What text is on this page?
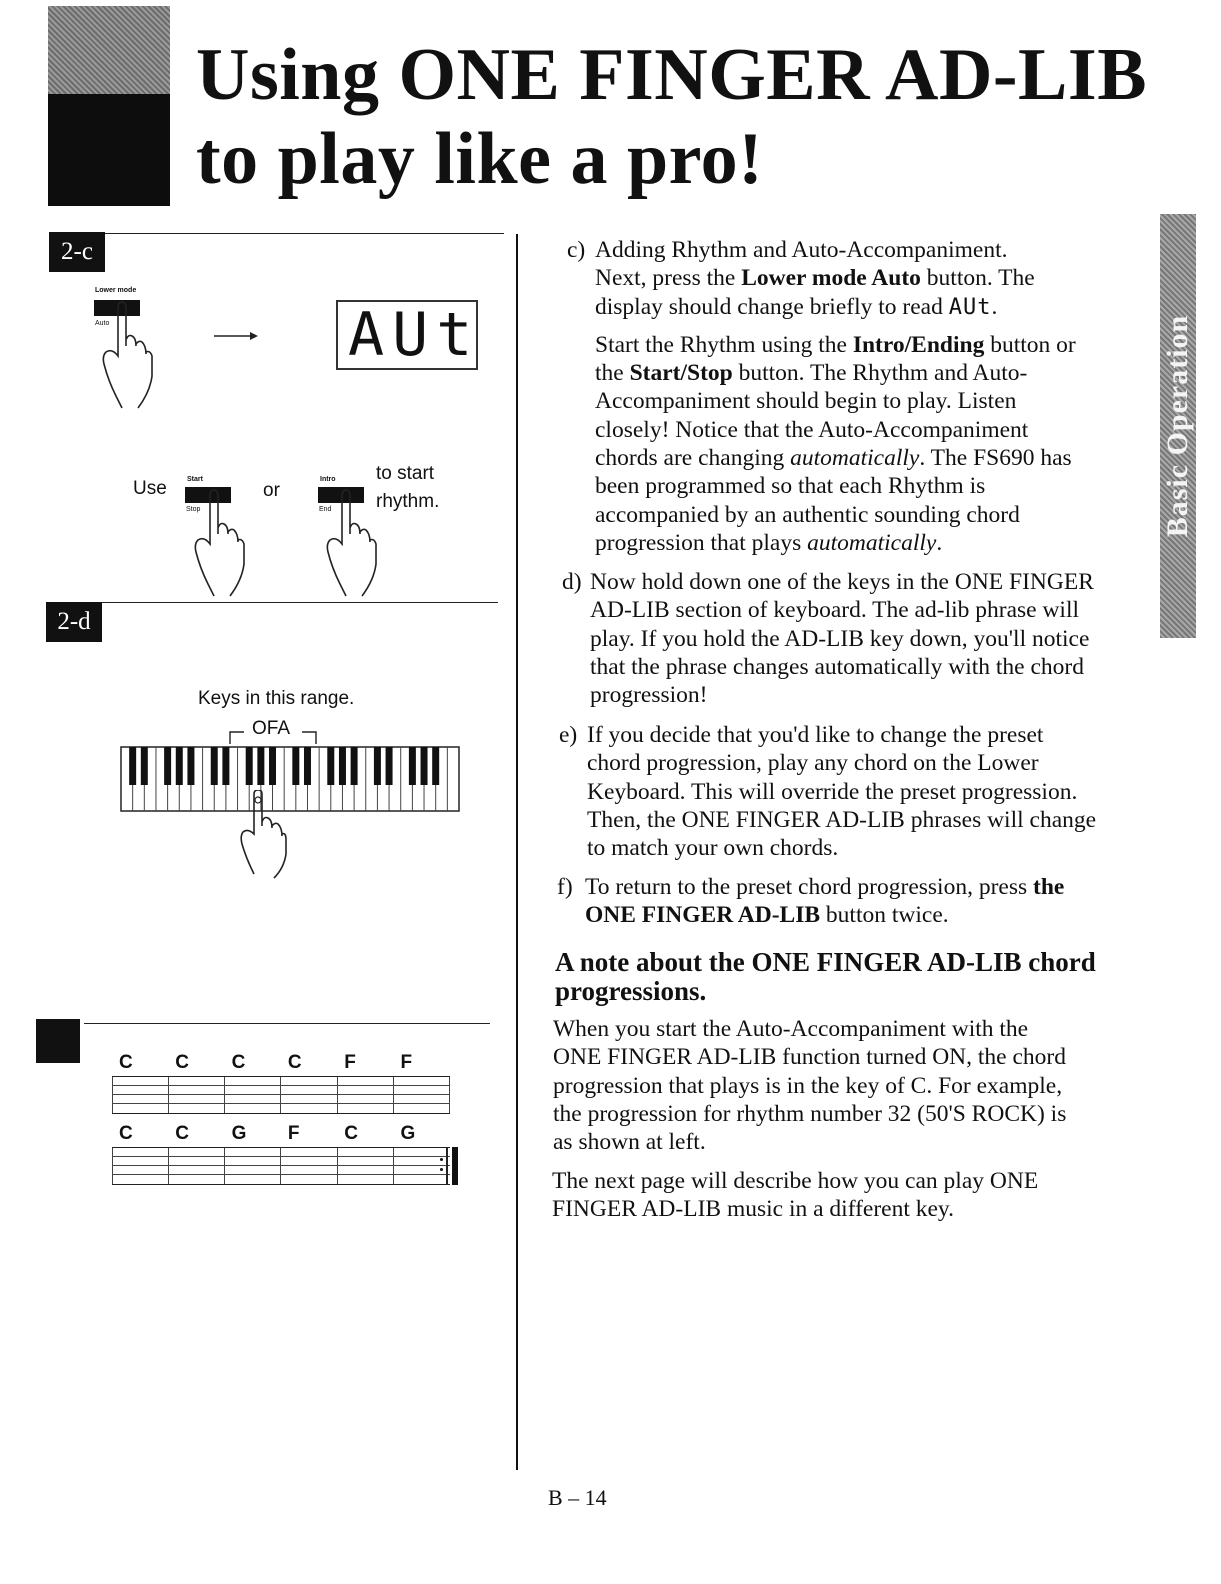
Using ONE FINGER AD-LIB
to play like a pro!
2-c
Lower mode
Auto	AUt
Use	Start
Stop
or
Intro
End
to start
rhythm.
2-d
Keys in this range.
OFA
C C C C F F
C C G F C G
c) Adding Rhythm and Auto-Accompaniment.
Next, press the Lower mode Auto button. The
display should change briefly to read AUt.
Start the Rhythm using the Intro/Ending button or
the Start/Stop button. The Rhythm and Auto-
Accompaniment should begin to play. Listen
closely! Notice that the Auto-Accompaniment
chords are changing automatically. The FS690 has
been programmed so that each Rhythm is
accompanied by an authentic sounding chord
progression that plays automatically.
d) Now hold down one of the keys in the ONE FINGER
AD-LIB section of keyboard. The ad-lib phrase will
play. If you hold the AD-LIB key down, you'll notice
that the phrase changes automatically with the chord
progression!
e) If you decide that you'd like to change the preset
chord progression, play any chord on the Lower
Keyboard. This will override the preset progression.
Then, the ONE FINGER AD-LIB phrases will change
to match your own chords.
f) To return to the preset chord progression, press the
ONE FINGER AD-LIB button twice.
A note about the ONE FINGER AD-LIB chord
progressions.
When you start the Auto-Accompaniment with the
ONE FINGER AD-LIB function turned ON, the chord
progression that plays is in the key of C. For example,
the progression for rhythm number 32 (50'S ROCK) is
as shown at left.
The next page will describe how you can play ONE
FINGER AD-LIB music in a different key.
Basic Operation
B – 14
